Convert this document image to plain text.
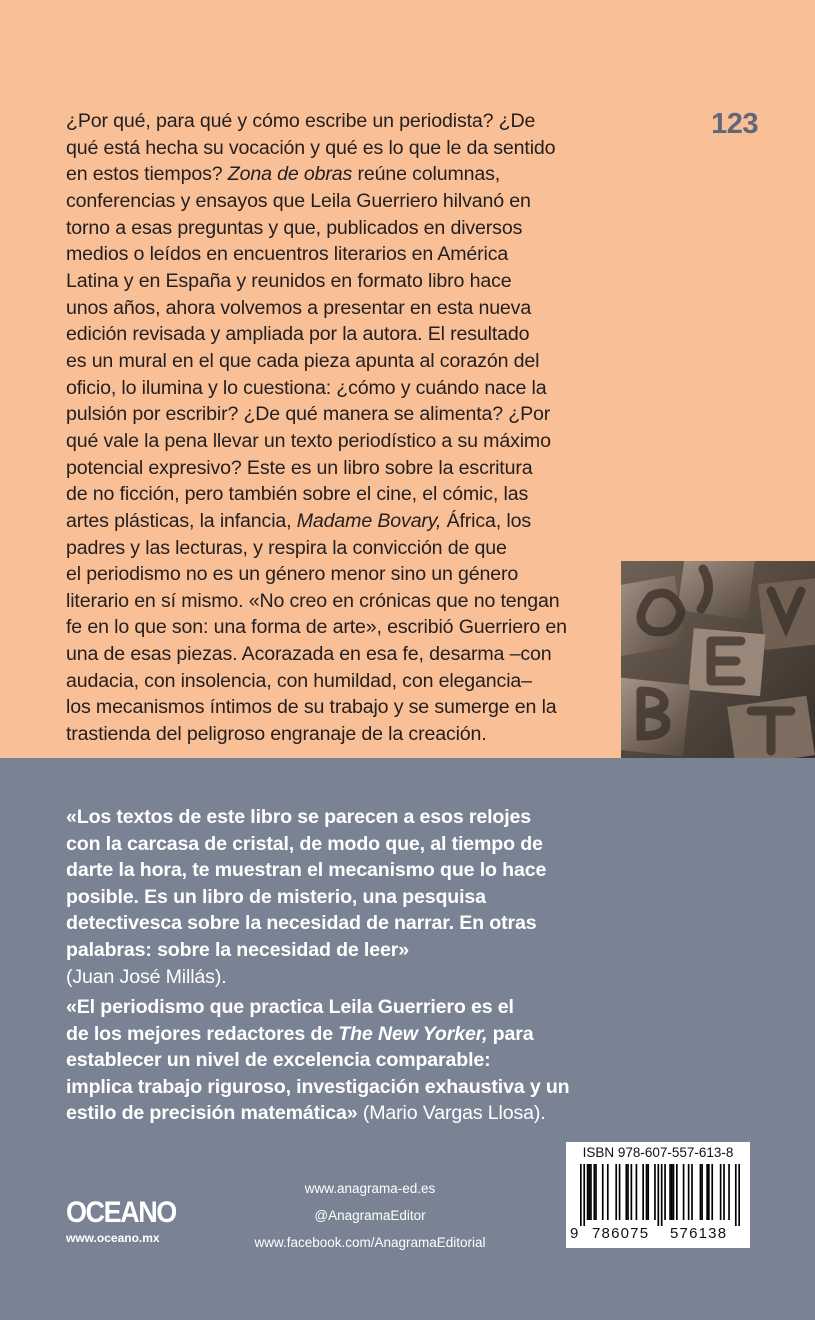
123
¿Por qué, para qué y cómo escribe un periodista? ¿De
qué está hecha su vocación y qué es lo que le da sentido
en estos tiempos? Zona de obras reúne columnas,
conferencias y ensayos que Leila Guerriero hilvanó en
torno a esas preguntas y que, publicados en diversos
medios o leídos en encuentros literarios en América
Latina y en España y reunidos en formato libro hace
unos años, ahora volvemos a presentar en esta nueva
edición revisada y ampliada por la autora. El resultado
es un mural en el que cada pieza apunta al corazón del
oficio, lo ilumina y lo cuestiona: ¿cómo y cuándo nace la
pulsión por escribir? ¿De qué manera se alimenta? ¿Por
qué vale la pena llevar un texto periodístico a su máximo
potencial expresivo? Este es un libro sobre la escritura
de no ficción, pero también sobre el cine, el cómic, las
artes plásticas, la infancia, Madame Bovary, África, los
padres y las lecturas, y respira la convicción de que
el periodismo no es un género menor sino un género
literario en sí mismo. «No creo en crónicas que no tengan
fe en lo que son: una forma de arte», escribió Guerriero en
una de esas piezas. Acorazada en esa fe, desarma –con
audacia, con insolencia, con humildad, con elegancia–
los mecanismos íntimos de su trabajo y se sumerge en la
trastienda del peligroso engranaje de la creación.
«Los textos de este libro se parecen a esos relojes
con la carcasa de cristal, de modo que, al tiempo de
darte la hora, te muestran el mecanismo que lo hace
posible. Es un libro de misterio, una pesquisa
detectivesca sobre la necesidad de narrar. En otras
palabras: sobre la necesidad de leer»
(Juan José Millás).
«El periodismo que practica Leila Guerriero es el
de los mejores redactores de The New Yorker, para
establecer un nivel de excelencia comparable:
implica trabajo riguroso, investigación exhaustiva y un
estilo de precisión matemática» (Mario Vargas Llosa).
OCEANO
www.oceano.mx
www.anagrama-ed.es
@AnagramaEditor
www.facebook.com/AnagramaEditorial
ISBN 978-607-557-613-8
9 786075 576138
